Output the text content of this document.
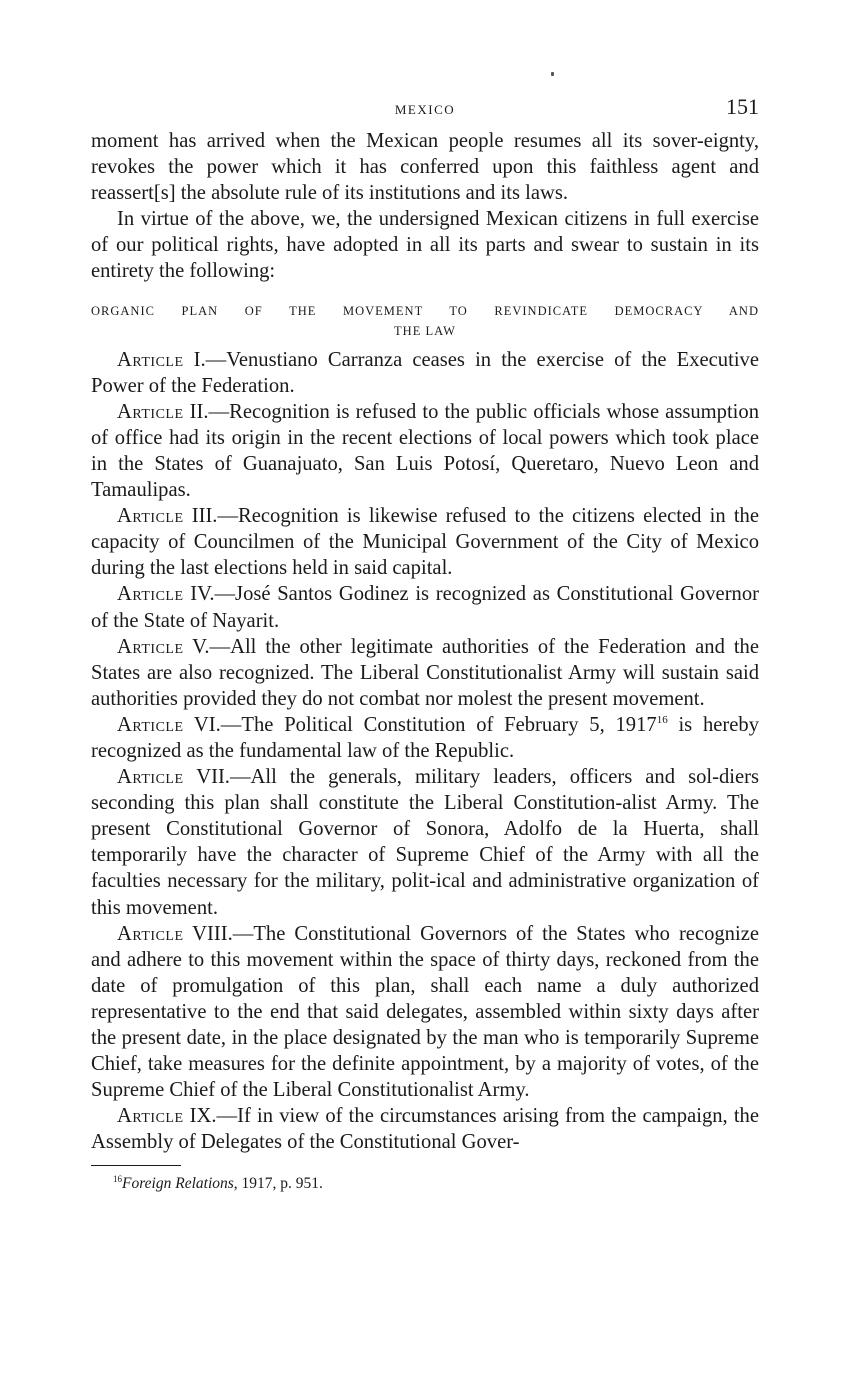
MEXICO	151

moment has arrived when the Mexican people resumes all its sover-eignty, revokes the power which it has conferred upon this faithless agent and reassert[s] the absolute rule of its institutions and its laws.

In virtue of the above, we, the undersigned Mexican citizens in full exercise of our political rights, have adopted in all its parts and swear to sustain in its entirety the following:

ORGANIC PLAN OF THE MOVEMENT TO REVINDICATE DEMOCRACY AND
THE LAW

Article I.—Venustiano Carranza ceases in the exercise of the Executive Power of the Federation.

Article II.—Recognition is refused to the public officials whose assumption of office had its origin in the recent elections of local powers which took place in the States of Guanajuato, San Luis Potosí, Queretaro, Nuevo Leon and Tamaulipas.

Article III.—Recognition is likewise refused to the citizens elected in the capacity of Councilmen of the Municipal Government of the City of Mexico during the last elections held in said capital.

Article IV.—José Santos Godinez is recognized as Constitutional Governor of the State of Nayarit.

Article V.—All the other legitimate authorities of the Federation and the States are also recognized. The Liberal Constitutionalist Army will sustain said authorities provided they do not combat nor molest the present movement.

Article VI.—The Political Constitution of February 5, 1917$^{16}$ is hereby recognized as the fundamental law of the Republic.

Article VII.—All the generals, military leaders, officers and sol-diers seconding this plan shall constitute the Liberal Constitution-alist Army. The present Constitutional Governor of Sonora, Adolfo de la Huerta, shall temporarily have the character of Supreme Chief of the Army with all the faculties necessary for the military, polit-ical and administrative organization of this movement.

Article VIII.—The Constitutional Governors of the States who recognize and adhere to this movement within the space of thirty days, reckoned from the date of promulgation of this plan, shall each name a duly authorized representative to the end that said delegates, assembled within sixty days after the present date, in the place designated by the man who is temporarily Supreme Chief, take measures for the definite appointment, by a majority of votes, of the Supreme Chief of the Liberal Constitutionalist Army.

Article IX.—If in view of the circumstances arising from the campaign, the Assembly of Delegates of the Constitutional Gover-

$^{16}$Foreign Relations, 1917, p. 951.
